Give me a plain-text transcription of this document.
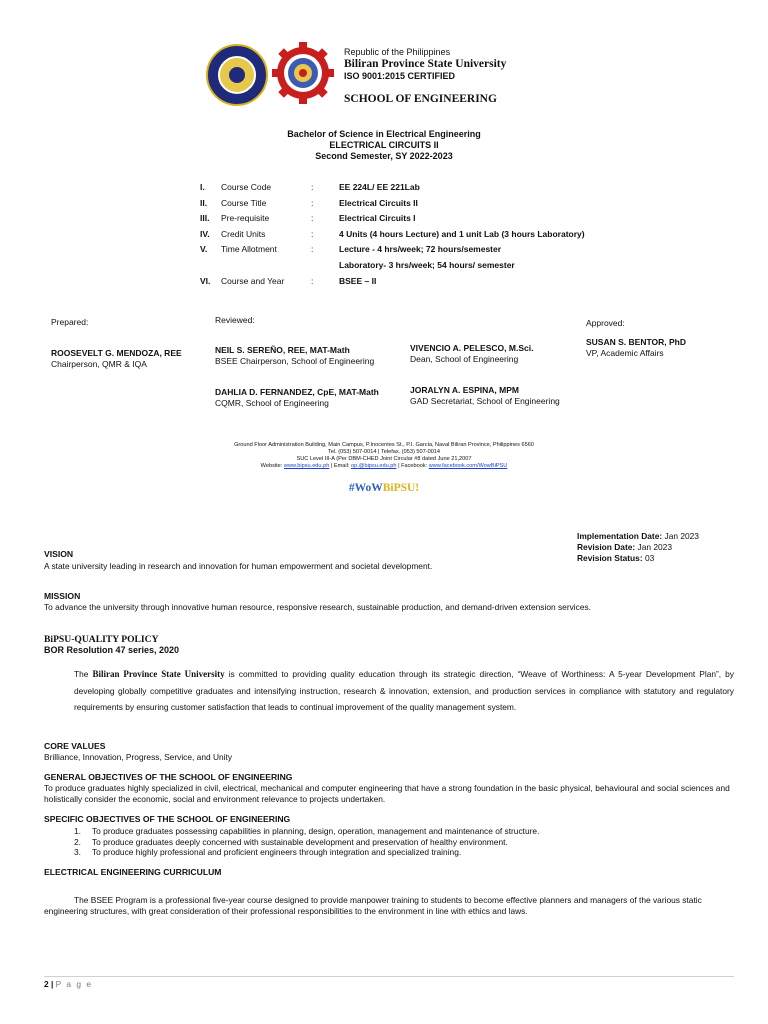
Republic of the Philippines
Biliran Province State University
ISO 9001:2015 CERTIFIED
SCHOOL OF ENGINEERING
Bachelor of Science in Electrical Engineering
ELECTRICAL CIRCUITS II
Second Semester, SY 2022-2023
I.	Course Code	:	EE 224L/ EE 221Lab
II.	Course Title	:	Electrical Circuits II
III.	Pre-requisite	:	Electrical Circuits I
IV.	Credit Units	:	4 Units (4 hours Lecture) and 1 unit Lab (3 hours Laboratory)
V.	Time Allotment	:	Lecture - 4 hrs/week; 72 hours/semester
			Laboratory- 3 hrs/week; 54 hours/ semester
VI.	Course and Year	:	BSEE – II
Prepared:	Reviewed:	Approved:
ROOSEVELT G. MENDOZA, REE
Chairperson, QMR & IQA
NEIL S. SEREÑO, REE, MAT-Math
BSEE Chairperson, School of Engineering
VIVENCIO A. PELESCO, M.Sci.
Dean, School of Engineering
DAHLIA D. FERNANDEZ, CpE, MAT-Math
CQMR, School of Engineering
JORALYN A. ESPINA, MPM
GAD Secretariat, School of Engineering
SUSAN S. BENTOR, PhD
VP, Academic Affairs
Ground Floor Administration Building, Main Campus, P.Inocentes St., P.I. Garcia, Naval Biliran Province, Philippines 6560
Tel. (053) 507-0014 | Telefax. (053) 507-0014
SUC Level III-A (Per DBM-CHED Joint Circular #8 dated June 21,2007
Website: www.bipsu.edu.ph | Email: op.@bipsu.edu.ph | Facebook: www.facebook.com/WowBiPSU
#WoWBiPSU!
Implementation Date: Jan 2023
Revision Date: Jan 2023
Revision Status: 03
VISION
A state university leading in research and innovation for human empowerment and societal development.
MISSION
To advance the university through innovative human resource, responsive research, sustainable production, and demand-driven extension services.
BiPSU-QUALITY POLICY
BOR Resolution 47 series, 2020
The Biliran Province State University is committed to providing quality education through its strategic direction, “Weave of Worthiness: A 5-year Development Plan”, by developing globally competitive graduates and intensifying instruction, research & innovation, extension, and production services in compliance with statutory and regulatory requirements by ensuring customer satisfaction that leads to continual improvement of the quality management system.
CORE VALUES
Brilliance, Innovation, Progress, Service, and Unity
GENERAL OBJECTIVES OF THE SCHOOL OF ENGINEERING
To produce graduates highly specialized in civil, electrical, mechanical and computer engineering that have a strong foundation in the basic physical, behavioural and social sciences and holistically consider the economic, social and environment relevance to projects undertaken.
SPECIFIC OBJECTIVES OF THE SCHOOL OF ENGINEERING
1.	To produce graduates possessing capabilities in planning, design, operation, management and maintenance of structure.
2.	To produce graduates deeply concerned with sustainable development and preservation of healthy environment.
3.	To produce highly professional and proficient engineers through integration and specialized training.
ELECTRICAL ENGINEERING CURRICULUM
The BSEE Program is a professional five-year course designed to provide manpower training to students to become effective planners and managers of the various static engineering structures, with great consideration of their professional responsibilities to the environment in line with ethics and laws.
2 | P a g e
